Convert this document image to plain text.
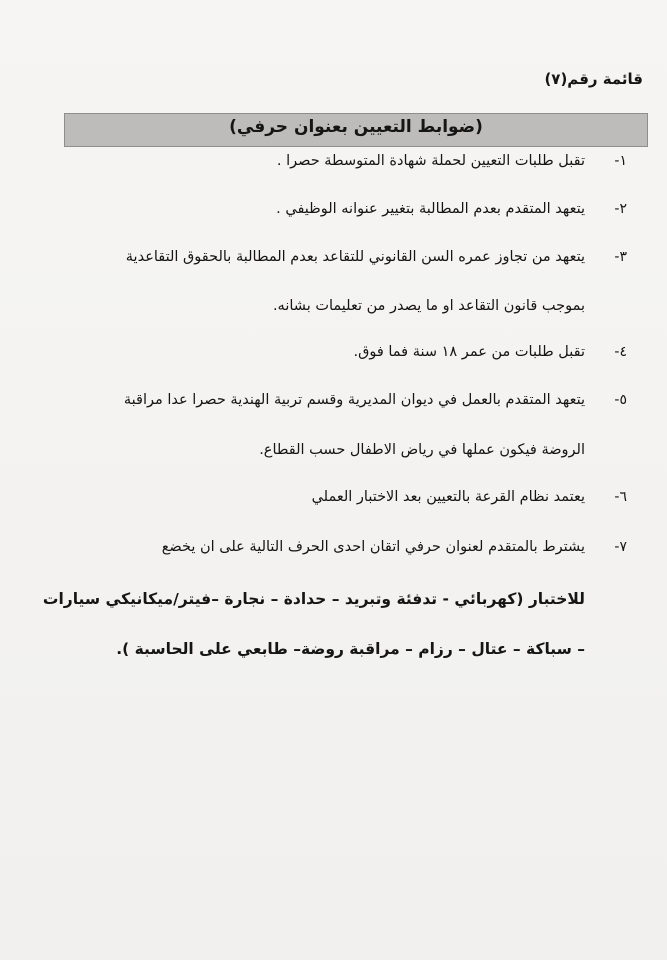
قائمة رقم(٧)
(ضوابط التعيين بعنوان حرفي)
١-
تقبل طلبات التعيين لحملة شهادة المتوسطة حصرا .
٢-
يتعهد المتقدم بعدم المطالبة بتغيير عنوانه الوظيفي .
٣-
يتعهد من تجاوز عمره السن القانوني للتقاعد بعدم المطالبة بالحقوق التقاعدية
بموجب قانون التقاعد او ما يصدر من تعليمات بشانه.
٤-
تقبل طلبات من عمر ١٨ سنة فما فوق.
٥-
يتعهد المتقدم بالعمل في ديوان المديرية وقسم تربية الهندية حصرا عدا مراقبة
الروضة فيكون عملها في رياض الاطفال حسب القطاع.
٦-
يعتمد نظام القرعة بالتعيين بعد الاختبار العملي
٧-
يشترط بالمتقدم لعنوان حرفي اتقان احدى الحرف التالية على ان يخضع
للاختبار (كهربائي - تدفئة وتبريد – حدادة – نجارة –فيتر/ميكانيكي سيارات
– سباكة – عتال – رزام – مراقبة روضة– طابعي على الحاسبة ).
